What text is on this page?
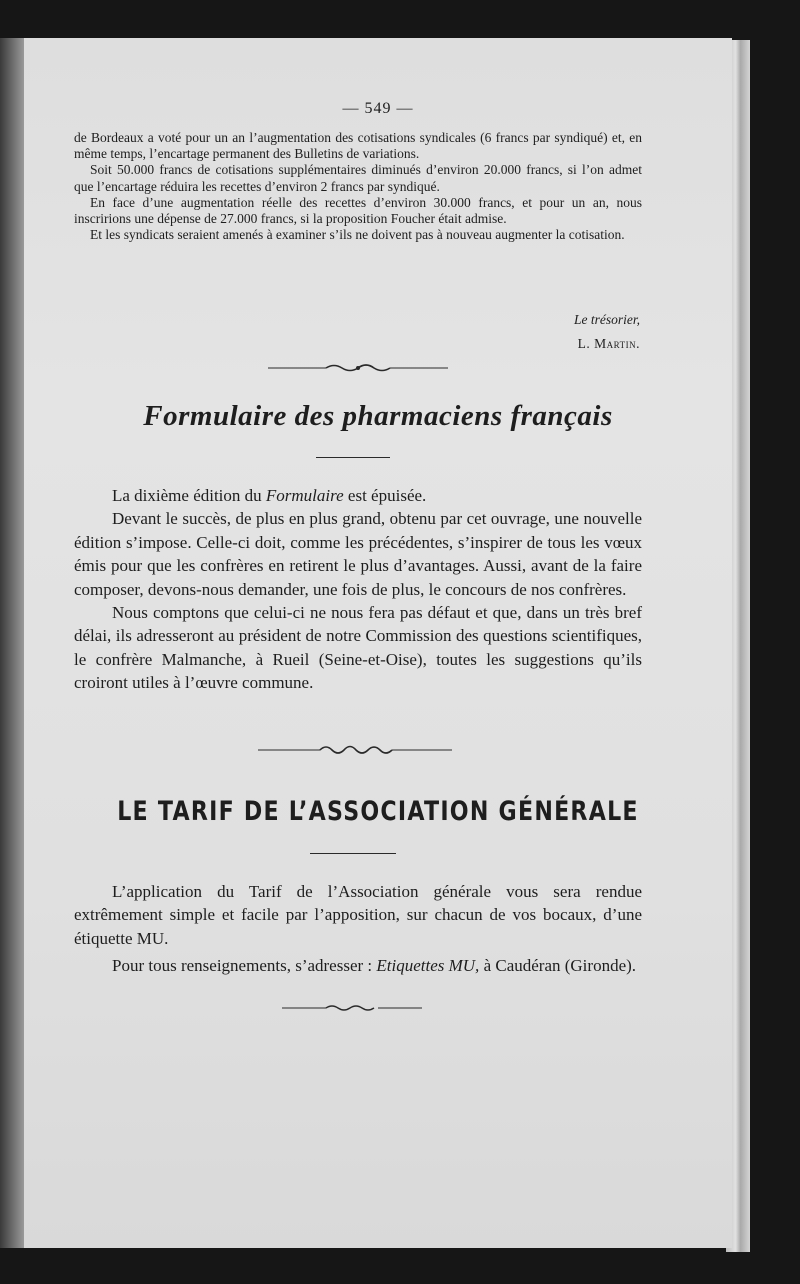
— 549 —

de Bordeaux a voté pour un an l’augmentation des cotisations syndicales (6 francs par syndiqué) et, en même temps, l’encartage permanent des Bulletins de variations.

Soit 50.000 francs de cotisations supplémentaires diminués d’environ 20.000 francs, si l’on admet que l’encartage réduira les recettes d’environ 2 francs par syndiqué.

En face d’une augmentation réelle des recettes d’environ 30.000 francs, et pour un an, nous inscririons une dépense de 27.000 francs, si la proposition Foucher était admise.

Et les syndicats seraient amenés à examiner s’ils ne doivent pas à nouveau augmenter la cotisation.

Le trésorier,
L. Martin.
Formulaire des pharmaciens français

La dixième édition du Formulaire est épuisée.

Devant le succès, de plus en plus grand, obtenu par cet ouvrage, une nouvelle édition s’impose. Celle-ci doit, comme les précédentes, s’inspirer de tous les vœux émis pour que les confrères en retirent le plus d’avantages. Aussi, avant de la faire composer, devons-nous demander, une fois de plus, le concours de nos confrères.

Nous comptons que celui-ci ne nous fera pas défaut et que, dans un très bref délai, ils adresseront au président de notre Commission des questions scientifiques, le confrère Malmanche, à Rueil (Seine-et-Oise), toutes les suggestions qu’ils croiront utiles à l’œuvre commune.

LE TARIF DE L’ASSOCIATION GÉNÉRALE

L’application du Tarif de l’Association générale vous sera rendue extrêmement simple et facile par l’apposition, sur chacun de vos bocaux, d’une étiquette MU.

Pour tous renseignements, s’adresser : Etiquettes MU, à Caudéran (Gironde).
